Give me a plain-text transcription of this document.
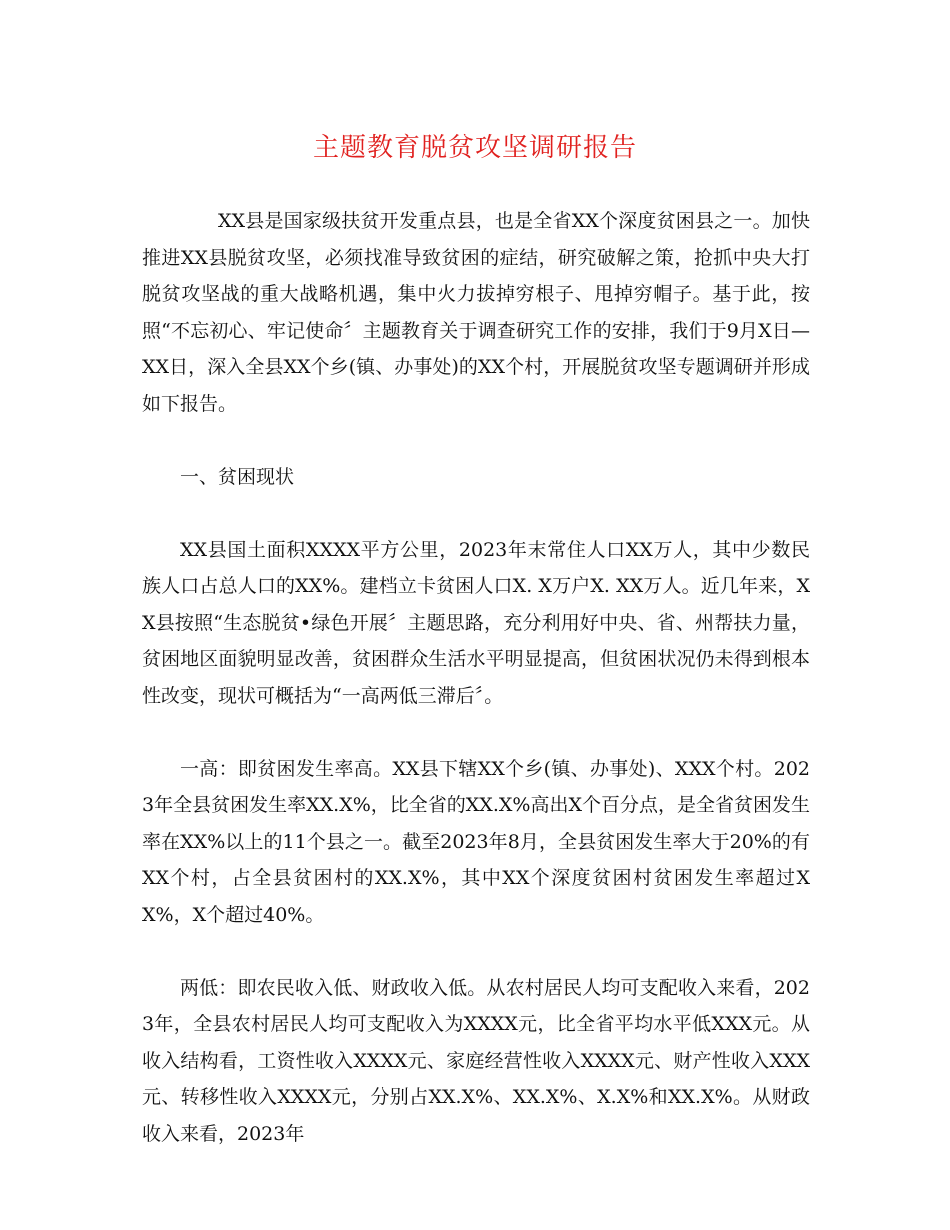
主题教育脱贫攻坚调研报告

XX县是国家级扶贫开发重点县，也是全省XX个深度贫困县之一。加快推进XX县脱贫攻坚，必须找准导致贫困的症结，研究破解之策，抢抓中央大打脱贫攻坚战的重大战略机遇，集中火力拔掉穷根子、甩掉穷帽子。基于此，按照“不忘初心、牢记使命〞主题教育关于调查研究工作的安排，我们于9月X日—XX日，深入全县XX个乡(镇、办事处)的XX个村，开展脱贫攻坚专题调研并形成如下报告。

一、贫困现状

XX县国土面积XXXX平方公里，2023年末常住人口XX万人，其中少数民族人口占总人口的XX%。建档立卡贫困人口X. X万户X. XX万人。近几年来，XX县按照“生态脱贫•绿色开展〞主题思路，充分利用好中央、省、州帮扶力量，贫困地区面貌明显改善，贫困群众生活水平明显提高，但贫困状况仍未得到根本性改变，现状可概括为“一高两低三滞后〞。

一高：即贫困发生率高。XX县下辖XX个乡(镇、办事处)、XXX个村。2023年全县贫困发生率XX.X%，比全省的XX.X%高出X个百分点，是全省贫困发生率在XX%以上的11个县之一。截至2023年8月，全县贫困发生率大于20%的有XX个村，占全县贫困村的XX.X%，其中XX个深度贫困村贫困发生率超过XX%，X个超过40%。

两低：即农民收入低、财政收入低。从农村居民人均可支配收入来看，2023年，全县农村居民人均可支配收入为XXXX元，比全省平均水平低XXX元。从收入结构看，工资性收入XXXX元、家庭经营性收入XXXX元、财产性收入XXX元、转移性收入XXXX元，分别占XX.X%、XX.X%、X.X%和XX.X%。从财政收入来看，2023年
